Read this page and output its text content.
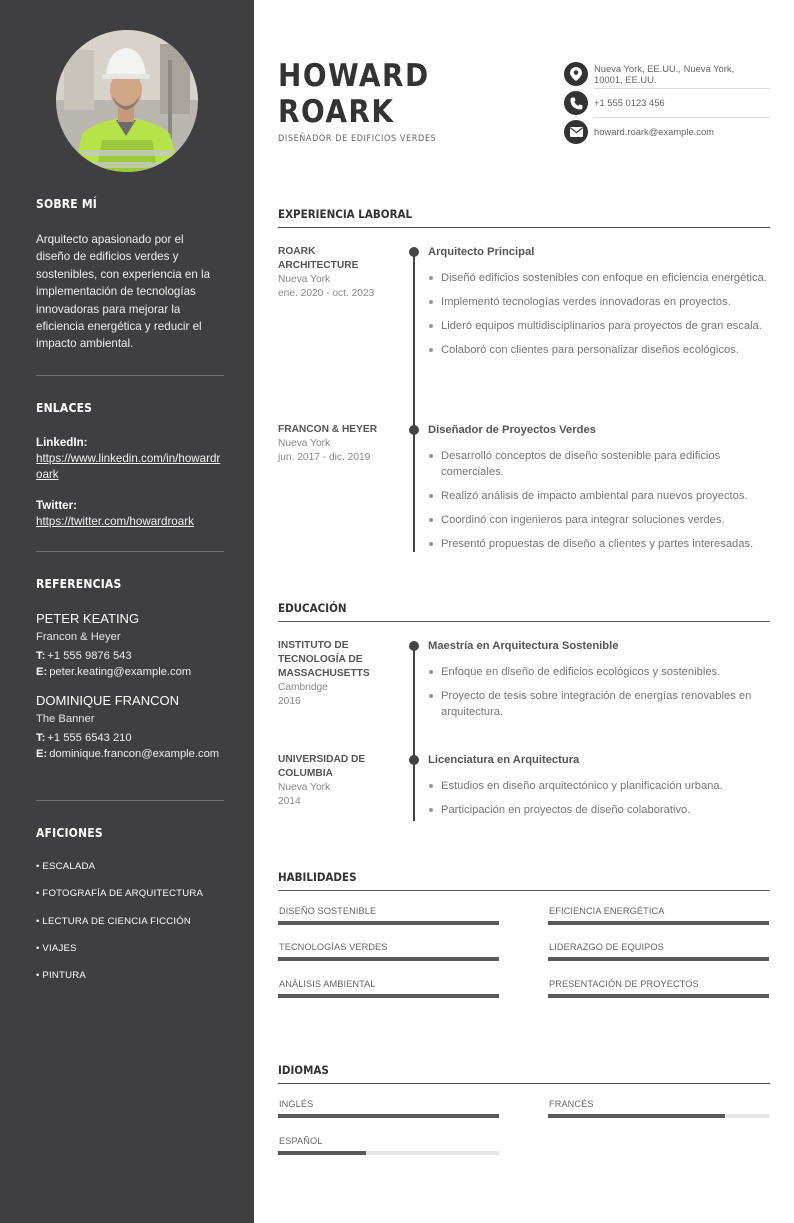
SOBRE MÍ
Arquitecto apasionado por el diseño de edificios verdes y sostenibles, con experiencia en la implementación de tecnologías innovadoras para mejorar la eficiencia energética y reducir el impacto ambiental.
ENLACES
LinkedIn:
https://www.linkedin.com/in/howardroark
Twitter:
https://twitter.com/howardroark
REFERENCIAS
PETER KEATING
Francon & Heyer
T: +1 555 9876 543
E: peter.keating@example.com
DOMINIQUE FRANCON
The Banner
T: +1 555 6543 210
E: dominique.francon@example.com
AFICIONES
• ESCALADA
• FOTOGRAFÍA DE ARQUITECTURA
• LECTURA DE CIENCIA FICCIÓN
• VIAJES
• PINTURA
HOWARD
ROARK
DISEÑADOR DE EDIFICIOS VERDES
Nueva York, EE.UU., Nueva York, 10001, EE.UU.
+1 555 0123 456
howard.roark@example.com
EXPERIENCIA LABORAL
ROARK ARCHITECTURE
Nueva York
ene. 2020 - oct. 2023
Arquitecto Principal
Diseñó edificios sostenibles con enfoque en eficiencia energética.
Implementó tecnologías verdes innovadoras en proyectos.
Lideró equipos multidisciplinarios para proyectos de gran escala.
Colaboró con clientes para personalizar diseños ecológicos.
FRANCON & HEYER
Nueva York
jun. 2017 - dic. 2019
Diseñador de Proyectos Verdes
Desarrolló conceptos de diseño sostenible para edificios comerciales.
Realizó análisis de impacto ambiental para nuevos proyectos.
Coordinó con ingenieros para integrar soluciones verdes.
Presentó propuestas de diseño a clientes y partes interesadas.
EDUCACIÓN
INSTITUTO DE TECNOLOGÍA DE MASSACHUSETTS
Cambridge
2016
Maestría en Arquitectura Sostenible
Enfoque en diseño de edificios ecológicos y sostenibles.
Proyecto de tesis sobre integración de energías renovables en arquitectura.
UNIVERSIDAD DE COLUMBIA
Nueva York
2014
Licenciatura en Arquitectura
Estudios en diseño arquitectónico y planificación urbana.
Participación en proyectos de diseño colaborativo.
HABILIDADES
DISEÑO SOSTENIBLE	EFICIENCIA ENERGÉTICA
TECNOLOGÍAS VERDES	LIDERAZGO DE EQUIPOS
ANÁLISIS AMBIENTAL	PRESENTACIÓN DE PROYECTOS
IDIOMAS
INGLÉS	FRANCÉS
ESPAÑOL
